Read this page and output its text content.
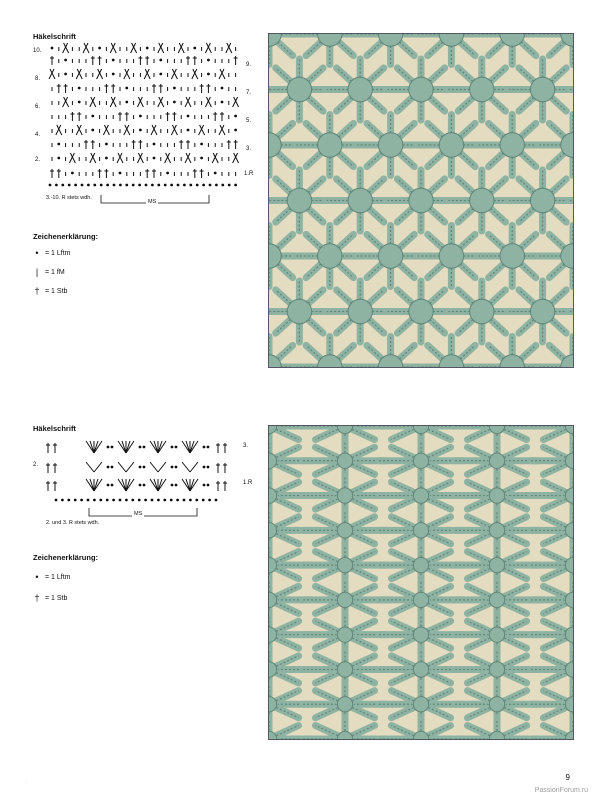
Häkelschrift
10.
8.
6.
4.
2.
9.
7.
5.
3.
1.R
3.-10. R stets wdh.
MS
Zeichenerklärung:
• = 1 Lftm
| = 1 fM
† = 1 Stb
Häkelschrift
2.
3.
1.R
MS
2. und 3. R stets wdh.
Zeichenerklärung:
• = 1 Lftm
† = 1 Stb
·
9
PassionForum.ru
